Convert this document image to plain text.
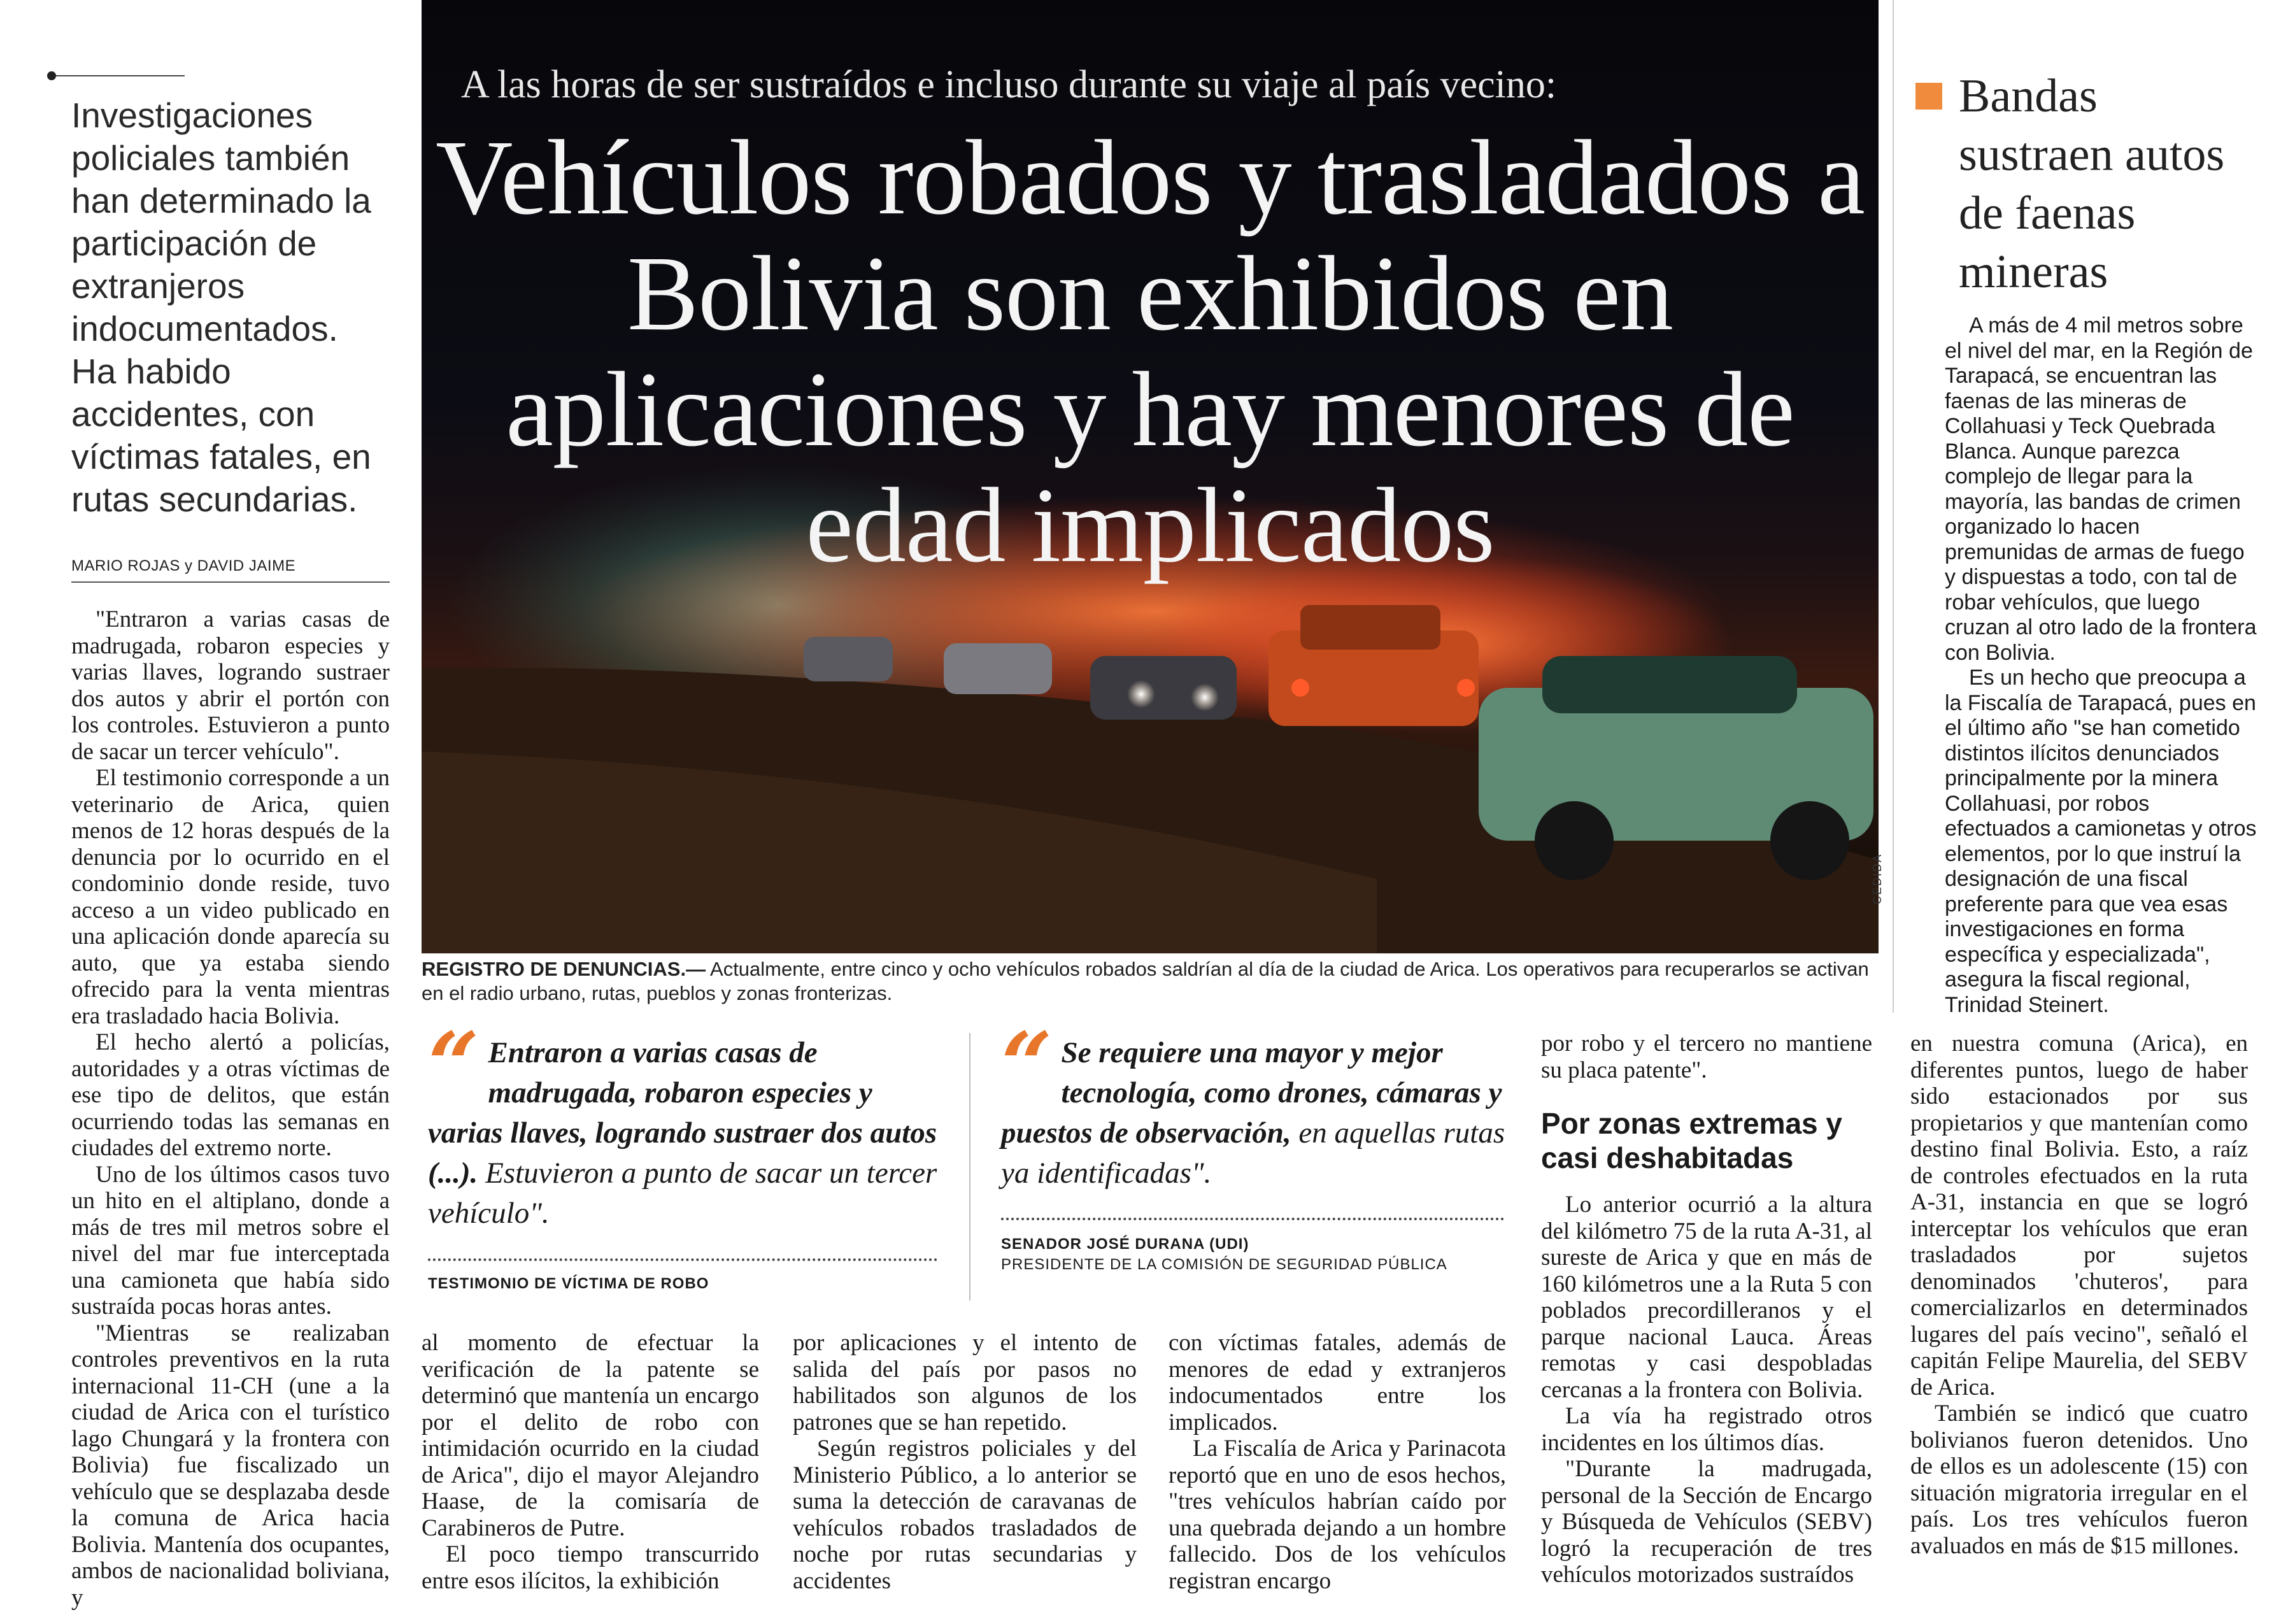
Investigaciones policiales también han determinado la participación de extranjeros indocumentados. Ha habido accidentes, con víctimas fatales, en rutas secundarias.
MARIO ROJAS y DAVID JAIME

"Entraron a varias casas de madrugada, robaron especies y varias llaves, logrando sustraer dos autos y abrir el portón con los controles. Estuvieron a punto de sacar un tercer vehículo".

El testimonio corresponde a un veterinario de Arica, quien menos de 12 horas después de la denuncia por lo ocurrido en el condominio donde reside, tuvo acceso a un video publicado en una aplicación donde aparecía su auto, que ya estaba siendo ofrecido para la venta mientras era trasladado hacia Bolivia.

El hecho alertó a policías, autoridades y a otras víctimas de ese tipo de delitos, que están ocurriendo todas las semanas en ciudades del extremo norte.

Uno de los últimos casos tuvo un hito en el altiplano, donde a más de tres mil metros sobre el nivel del mar fue interceptada una camioneta que había sido sustraída pocas horas antes.

"Mientras se realizaban controles preventivos en la ruta internacional 11-CH (une a la ciudad de Arica con el turístico lago Chungará y la frontera con Bolivia) fue fiscalizado un vehículo que se desplazaba desde la comuna de Arica hacia Bolivia. Mantenía dos ocupantes, ambos de nacionalidad boliviana, y

A las horas de ser sustraídos e incluso durante su viaje al país vecino:
Vehículos robados y trasladados a Bolivia son exhibidos en aplicaciones y hay menores de edad implicados
CEDIDA
REGISTRO DE DENUNCIAS.— Actualmente, entre cinco y ocho vehículos robados saldrían al día de la ciudad de Arica. Los operativos para recuperarlos se activan en el radio urbano, rutas, pueblos y zonas fronterizas.
“ Entraron a varias casas de madrugada, robaron especies y varias llaves, logrando sustraer dos autos (...). Estuvieron a punto de sacar un tercer vehículo".
TESTIMONIO DE VÍCTIMA DE ROBO
“ Se requiere una mayor y mejor tecnología, como drones, cámaras y puestos de observación, en aquellas rutas ya identificadas".
SENADOR JOSÉ DURANA (UDI)
PRESIDENTE DE LA COMISIÓN DE SEGURIDAD PÚBLICA

al momento de efectuar la verificación de la patente se determinó que mantenía un encargo por el delito de robo con intimidación ocurrido en la ciudad de Arica", dijo el mayor Alejandro Haase, de la comisaría de Carabineros de Putre.

El poco tiempo transcurrido entre esos ilícitos, la exhibición

por aplicaciones y el intento de salida del país por pasos no habilitados son algunos de los patrones que se han repetido.

Según registros policiales y del Ministerio Público, a lo anterior se suma la detección de caravanas de vehículos robados trasladados de noche por rutas secundarias y accidentes

con víctimas fatales, además de menores de edad y extranjeros indocumentados entre los implicados.

La Fiscalía de Arica y Parinacota reportó que en uno de esos hechos, "tres vehículos habrían caído por una quebrada dejando a un hombre fallecido. Dos de los vehículos registran encargo

por robo y el tercero no mantiene su placa patente".

Por zonas extremas y casi deshabitadas

Lo anterior ocurrió a la altura del kilómetro 75 de la ruta A-31, al sureste de Arica y que en más de 160 kilómetros une a la Ruta 5 con poblados precordilleranos y el parque nacional Lauca. Áreas remotas y casi despobladas cercanas a la frontera con Bolivia.

La vía ha registrado otros incidentes en los últimos días.

"Durante la madrugada, personal de la Sección de Encargo y Búsqueda de Vehículos (SEBV) logró la recuperación de tres vehículos motorizados sustraídos

en nuestra comuna (Arica), en diferentes puntos, luego de haber sido estacionados por sus propietarios y que mantenían como destino final Bolivia. Esto, a raíz de controles efectuados en la ruta A-31, instancia en que se logró interceptar los vehículos que eran trasladados por sujetos denominados 'chuteros', para comercializarlos en determinados lugares del país vecino", señaló el capitán Felipe Maurelia, del SEBV de Arica.

También se indicó que cuatro bolivianos fueron detenidos. Uno de ellos es un adolescente (15) con situación migratoria irregular en el país. Los tres vehículos fueron avaluados en más de $15 millones.

Bandas sustraen autos de faenas mineras

A más de 4 mil metros sobre el nivel del mar, en la Región de Tarapacá, se encuentran las faenas de las mineras de Collahuasi y Teck Quebrada Blanca. Aunque parezca complejo de llegar para la mayoría, las bandas de crimen organizado lo hacen premunidas de armas de fuego y dispuestas a todo, con tal de robar vehículos, que luego cruzan al otro lado de la frontera con Bolivia.

Es un hecho que preocupa a la Fiscalía de Tarapacá, pues en el último año "se han cometido distintos ilícitos denunciados principalmente por la minera Collahuasi, por robos efectuados a camionetas y otros elementos, por lo que instruí la designación de una fiscal preferente para que vea esas investigaciones en forma específica y especializada", asegura la fiscal regional, Trinidad Steinert.
